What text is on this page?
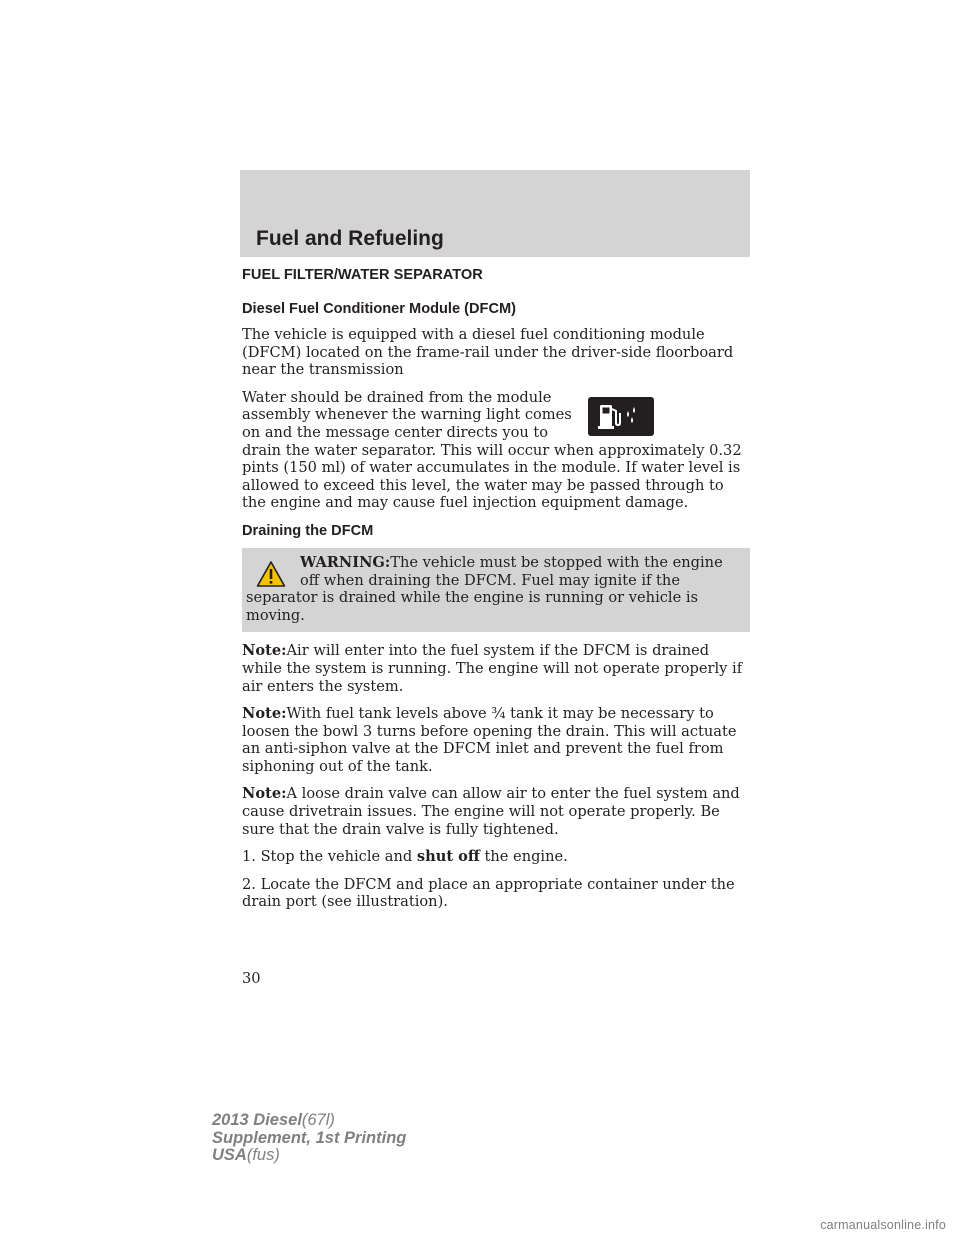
Fuel and Refueling

FUEL FILTER/WATER SEPARATOR

Diesel Fuel Conditioner Module (DFCM)

The vehicle is equipped with a diesel fuel conditioning module (DFCM) located on the frame-rail under the driver-side floorboard near the transmission

Water should be drained from the module assembly whenever the warning light comes on and the message center directs you to drain the water separator. This will occur when approximately 0.32 pints (150 ml) of water accumulates in the module. If water level is allowed to exceed this level, the water may be passed through to the engine and may cause fuel injection equipment damage.

Draining the DFCM

WARNING:The vehicle must be stopped with the engine off when draining the DFCM. Fuel may ignite if the separator is drained while the engine is running or vehicle is moving.

Note:Air will enter into the fuel system if the DFCM is drained while the system is running. The engine will not operate properly if air enters the system.

Note:With fuel tank levels above ¾ tank it may be necessary to loosen the bowl 3 turns before opening the drain. This will actuate an anti-siphon valve at the DFCM inlet and prevent the fuel from siphoning out of the tank.

Note:A loose drain valve can allow air to enter the fuel system and cause drivetrain issues. The engine will not operate properly. Be sure that the drain valve is fully tightened.

1. Stop the vehicle and shut off the engine.

2. Locate the DFCM and place an appropriate container under the drain port (see illustration).

30
2013 Diesel(67l)
Supplement, 1st Printing
USA(fus)
carmanualsonline.info
